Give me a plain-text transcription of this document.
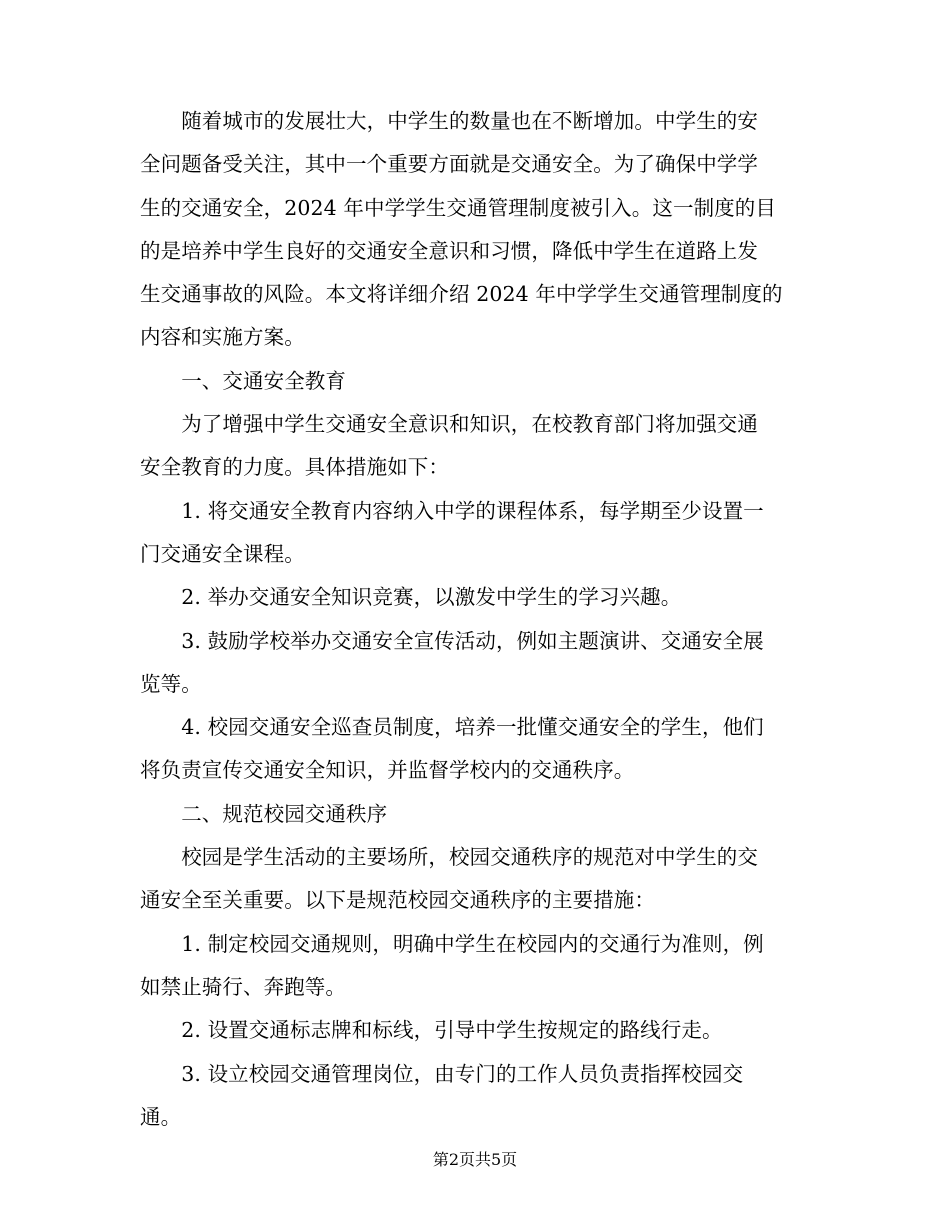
　　随着城市的发展壮大，中学生的数量也在不断增加。中学生的安
全问题备受关注，其中一个重要方面就是交通安全。为了确保中学学
生的交通安全，2024 年中学学生交通管理制度被引入。这一制度的目
的是培养中学生良好的交通安全意识和习惯，降低中学生在道路上发
生交通事故的风险。本文将详细介绍 2024 年中学学生交通管理制度的
内容和实施方案。
　　一、交通安全教育
　　为了增强中学生交通安全意识和知识，在校教育部门将加强交通
安全教育的力度。具体措施如下：
　　1. 将交通安全教育内容纳入中学的课程体系，每学期至少设置一
门交通安全课程。
　　2. 举办交通安全知识竞赛，以激发中学生的学习兴趣。
　　3. 鼓励学校举办交通安全宣传活动，例如主题演讲、交通安全展
览等。
　　4. 校园交通安全巡查员制度，培养一批懂交通安全的学生，他们
将负责宣传交通安全知识，并监督学校内的交通秩序。
　　二、规范校园交通秩序
　　校园是学生活动的主要场所，校园交通秩序的规范对中学生的交
通安全至关重要。以下是规范校园交通秩序的主要措施：
　　1. 制定校园交通规则，明确中学生在校园内的交通行为准则，例
如禁止骑行、奔跑等。
　　2. 设置交通标志牌和标线，引导中学生按规定的路线行走。
　　3. 设立校园交通管理岗位，由专门的工作人员负责指挥校园交
通。
第2页共5页
